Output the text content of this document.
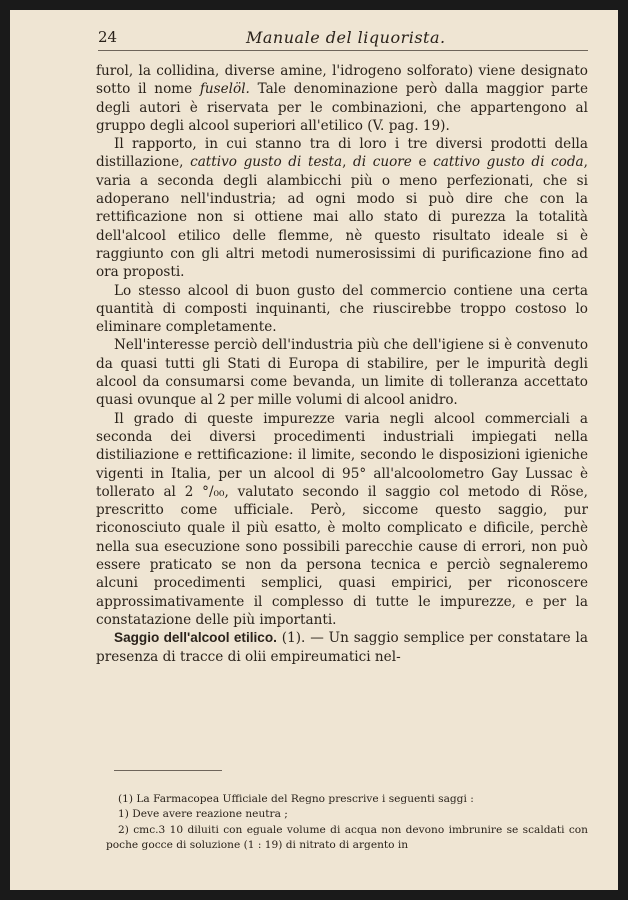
24	Manuale del liquorista.

furol, la collidina, diverse amine, l'idrogeno solforato) viene designato sotto il nome fuselöl. Tale denominazione però dalla maggior parte degli autori è riservata per le combinazioni, che appartengono al gruppo degli alcool superiori all'etilico (V. pag. 19).

Il rapporto, in cui stanno tra di loro i tre diversi prodotti della distillazione, cattivo gusto di testa, di cuore e cattivo gusto di coda, varia a seconda degli alambicchi più o meno perfezionati, che si adoperano nell'industria; ad ogni modo si può dire che con la rettificazione non si ottiene mai allo stato di purezza la totalità dell'alcool etilico delle flemme, nè questo risultato ideale si è raggiunto con gli altri metodi numerosissimi di purificazione fino ad ora proposti.

Lo stesso alcool di buon gusto del commercio contiene una certa quantità di composti inquinanti, che riuscirebbe troppo costoso lo eliminare completamente.

Nell'interesse perciò dell'industria più che dell'igiene si è convenuto da quasi tutti gli Stati di Europa di stabilire, per le impurità degli alcool da consumarsi come bevanda, un limite di tolleranza accettato quasi ovunque al 2 per mille volumi di alcool anidro.

Il grado di queste impurezze varia negli alcool commerciali a seconda dei diversi procedimenti industriali impiegati nella distiliazione e rettificazione: il limite, secondo le disposizioni igieniche vigenti in Italia, per un alcool di 95° all'alcoolometro Gay Lussac è tollerato al 2 °/₀₀, valutato secondo il saggio col metodo di Röse, prescritto come ufficiale. Però, siccome questo saggio, pur riconosciuto quale il più esatto, è molto complicato e dificile, perchè nella sua esecuzione sono possibili parecchie cause di errori, non può essere praticato se non da persona tecnica e perciò segnaleremo alcuni procedimenti semplici, quasi empirici, per riconoscere approssimativamente il complesso di tutte le impurezze, e per la constatazione delle più importanti.

Saggio dell'alcool etilico. (1). — Un saggio semplice per constatare la presenza di tracce di olii empireumatici nel-

(1) La Farmacopea Ufficiale del Regno prescrive i seguenti saggi :

1) Deve avere reazione neutra ;

2) cmc.3 10 diluiti con eguale volume di acqua non devono imbrunire se scaldati con poche gocce di soluzione (1 : 19) di nitrato di argento in
